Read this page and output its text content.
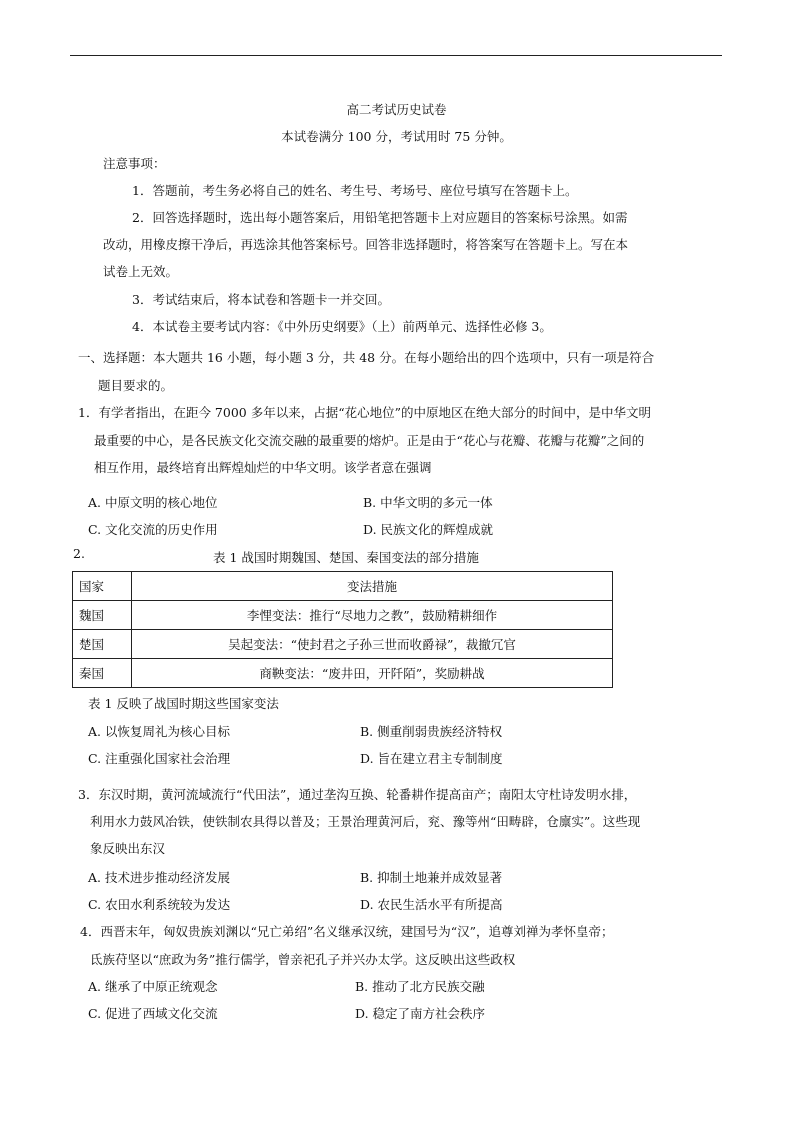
高二考试历史试卷
本试卷满分 100 分，考试用时 75 分钟。
注意事项：
1．答题前，考生务必将自己的姓名、考生号、考场号、座位号填写在答题卡上。
2．回答选择题时，选出每小题答案后，用铅笔把答题卡上对应题目的答案标号涂黑。如需
改动，用橡皮擦干净后，再选涂其他答案标号。回答非选择题时，将答案写在答题卡上。写在本
试卷上无效。
3．考试结束后，将本试卷和答题卡一并交回。
4．本试卷主要考试内容：《中外历史纲要》（上）前两单元、选择性必修 3。
一、选择题：本大题共 16 小题，每小题 3 分，共 48 分。在每小题给出的四个选项中，只有一项是符合
题目要求的。
1．有学者指出，在距今 7000 多年以来，占据“花心地位”的中原地区在绝大部分的时间中，是中华文明
最重要的中心，是各民族文化交流交融的最重要的熔炉。正是由于“花心与花瓣、花瓣与花瓣”之间的
相互作用，最终培育出辉煌灿烂的中华文明。该学者意在强调
A. 中原文明的核心地位	B. 中华文明的多元一体
C. 文化交流的历史作用	D. 民族文化的辉煌成就
2.	表 1 战国时期魏国、楚国、秦国变法的部分措施
国家	变法措施
魏国	李悝变法：推行“尽地力之教”，鼓励精耕细作
楚国	吴起变法：“使封君之子孙三世而收爵禄”，裁撤冗官
秦国	商鞅变法：“废井田，开阡陌”，奖励耕战
表 1 反映了战国时期这些国家变法
A. 以恢复周礼为核心目标	B. 侧重削弱贵族经济特权
C. 注重强化国家社会治理	D. 旨在建立君主专制制度
3．东汉时期，黄河流域流行“代田法”，通过垄沟互换、轮番耕作提高亩产；南阳太守杜诗发明水排，
利用水力鼓风冶铁，使铁制农具得以普及；王景治理黄河后，兖、豫等州“田畴辟，仓廪实”。这些现
象反映出东汉
A. 技术进步推动经济发展	B. 抑制土地兼并成效显著
C. 农田水利系统较为发达	D. 农民生活水平有所提高
4．西晋末年，匈奴贵族刘渊以“兄亡弟绍”名义继承汉统，建国号为“汉”，追尊刘禅为孝怀皇帝；
氐族苻坚以“庶政为务”推行儒学，曾亲祀孔子并兴办太学。这反映出这些政权
A. 继承了中原正统观念	B. 推动了北方民族交融
C. 促进了西域文化交流	D. 稳定了南方社会秩序
